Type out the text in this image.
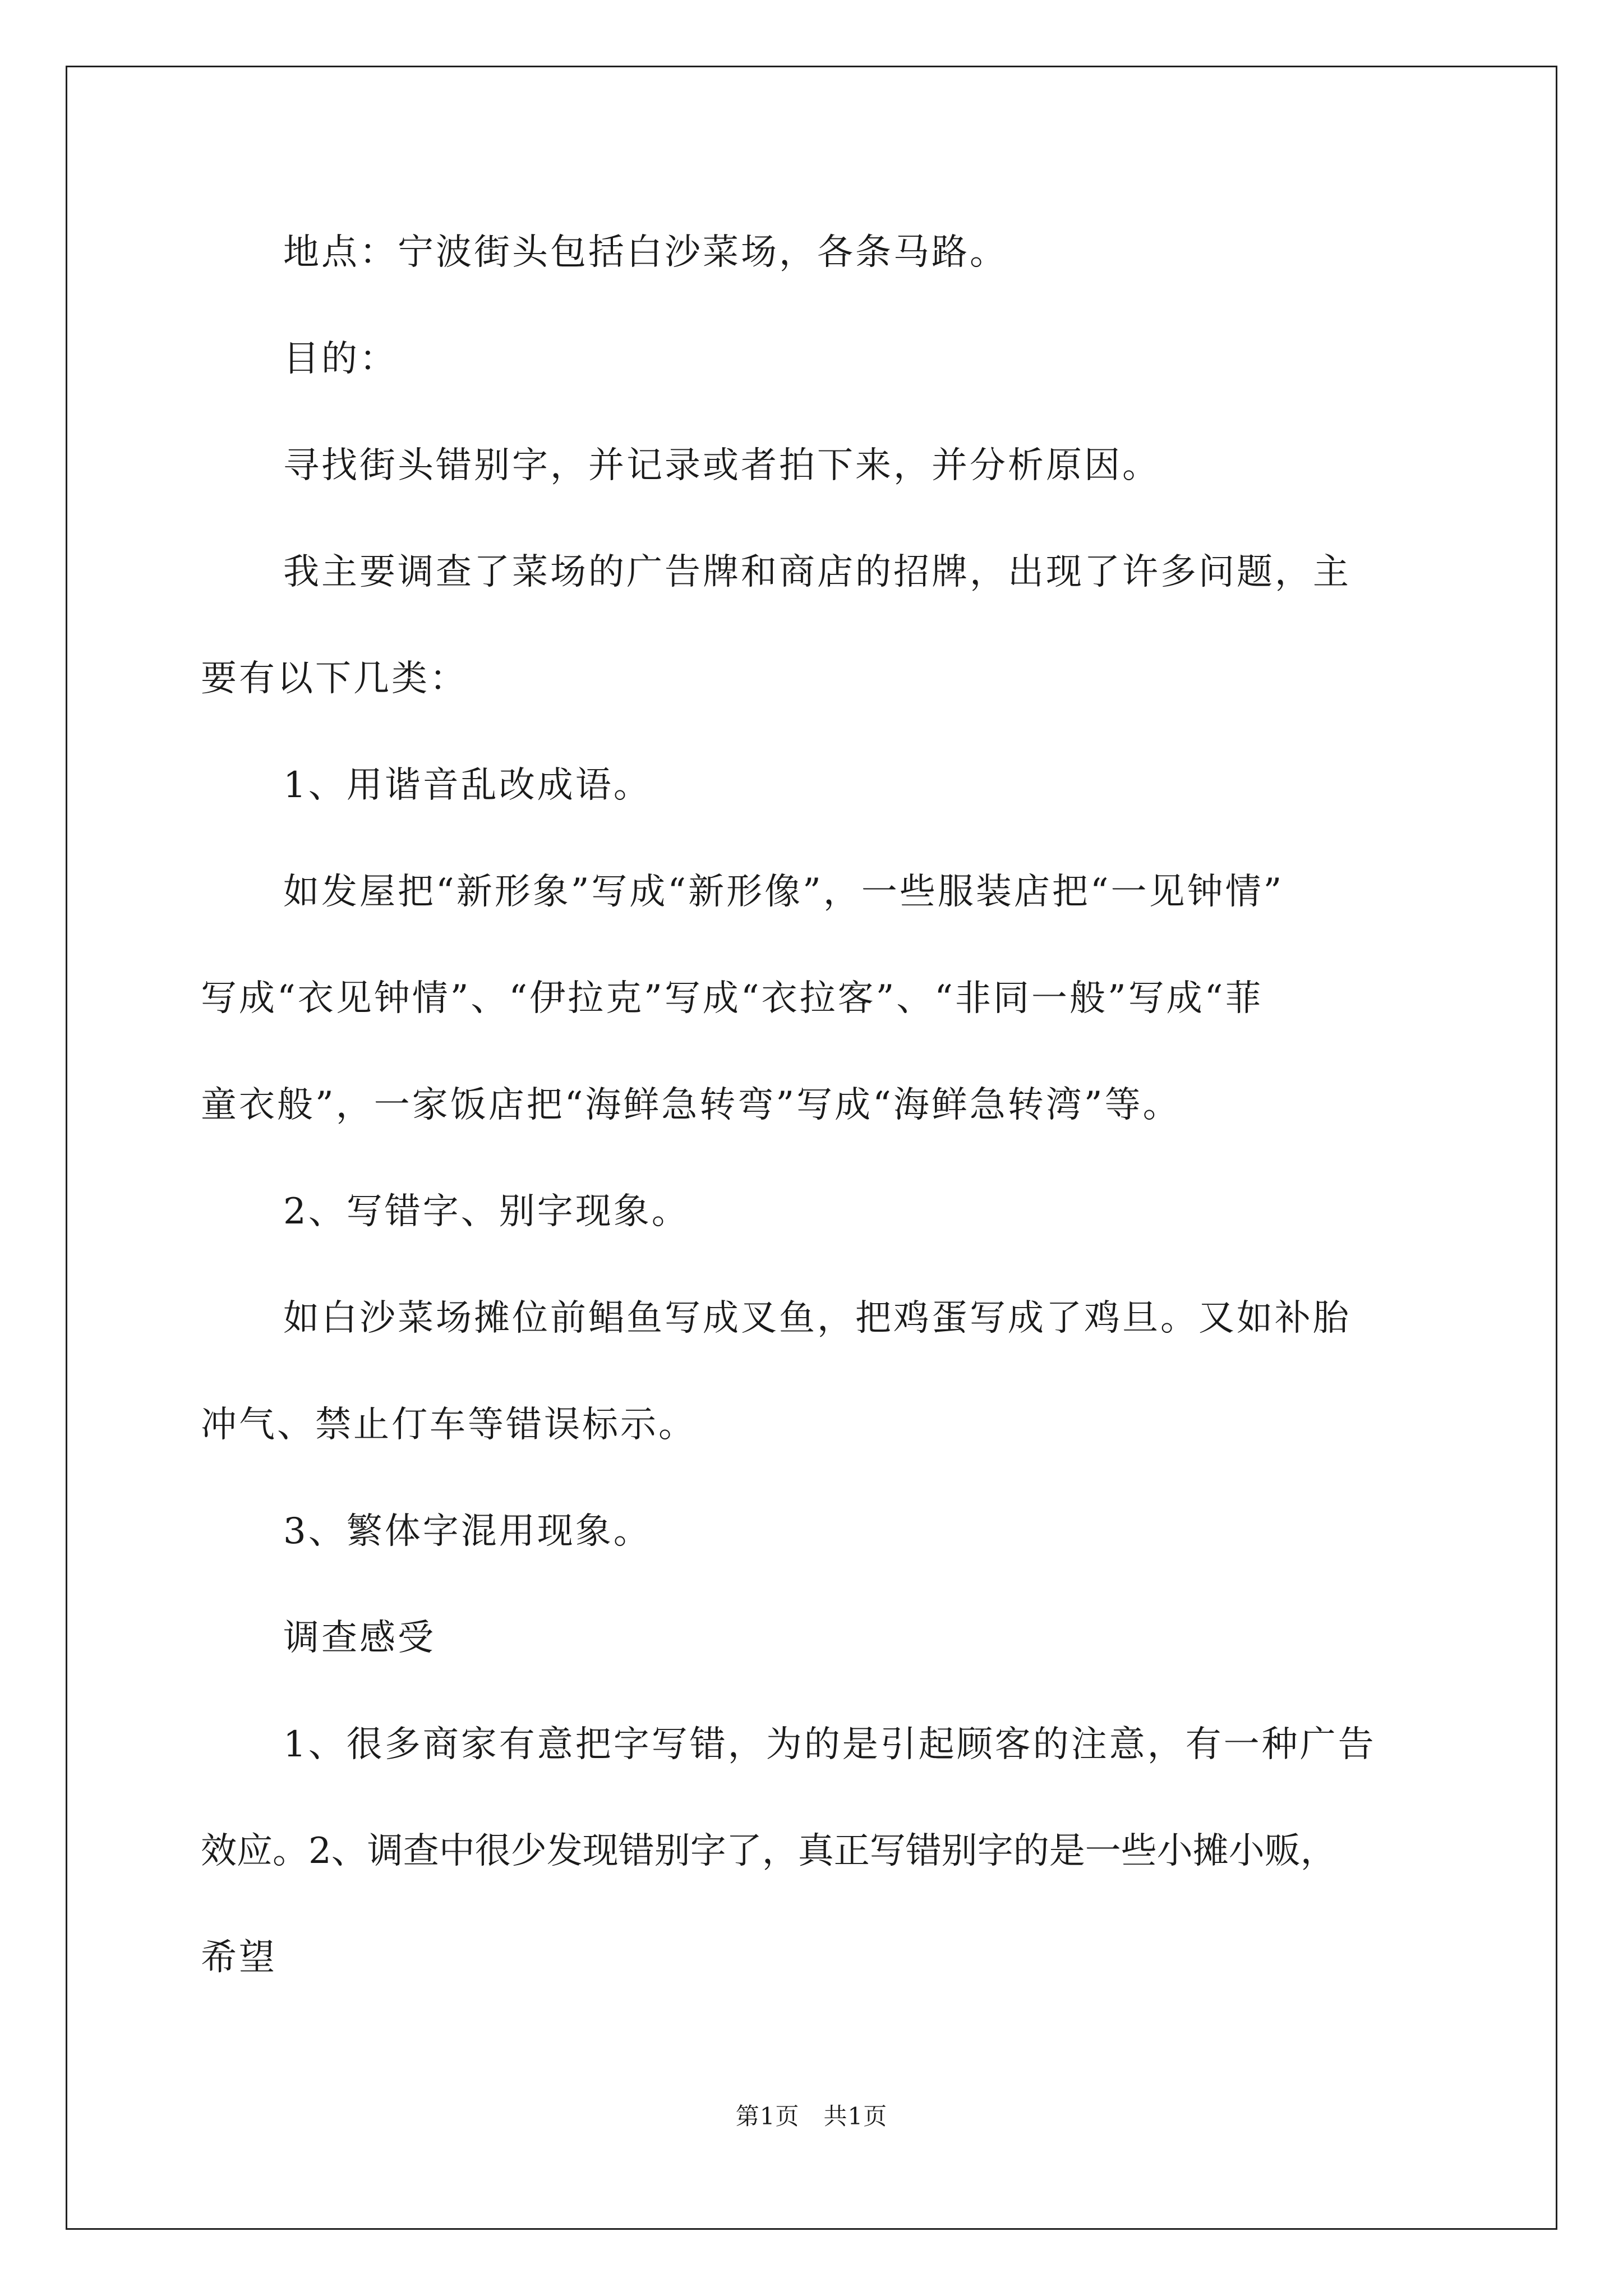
地点：宁波街头包括白沙菜场，各条马路。
目的：
寻找街头错别字，并记录或者拍下来，并分析原因。
我主要调查了菜场的广告牌和商店的招牌，出现了许多问题，主
要有以下几类：
1、用谐音乱改成语。
如发屋把“新形象”写成“新形像”，一些服装店把“一见钟情”
写成“衣见钟情”、“伊拉克”写成“衣拉客”、“非同一般”写成“菲
童衣般”，一家饭店把“海鲜急转弯”写成“海鲜急转湾”等。
2、写错字、别字现象。
如白沙菜场摊位前鲳鱼写成叉鱼，把鸡蛋写成了鸡旦。又如补胎
冲气、禁止仃车等错误标示。
3、繁体字混用现象。
调查感受
1、很多商家有意把字写错，为的是引起顾客的注意，有一种广告
效应。2、调查中很少发现错别字了，真正写错别字的是一些小摊小贩，
希望
第1页　共1页
